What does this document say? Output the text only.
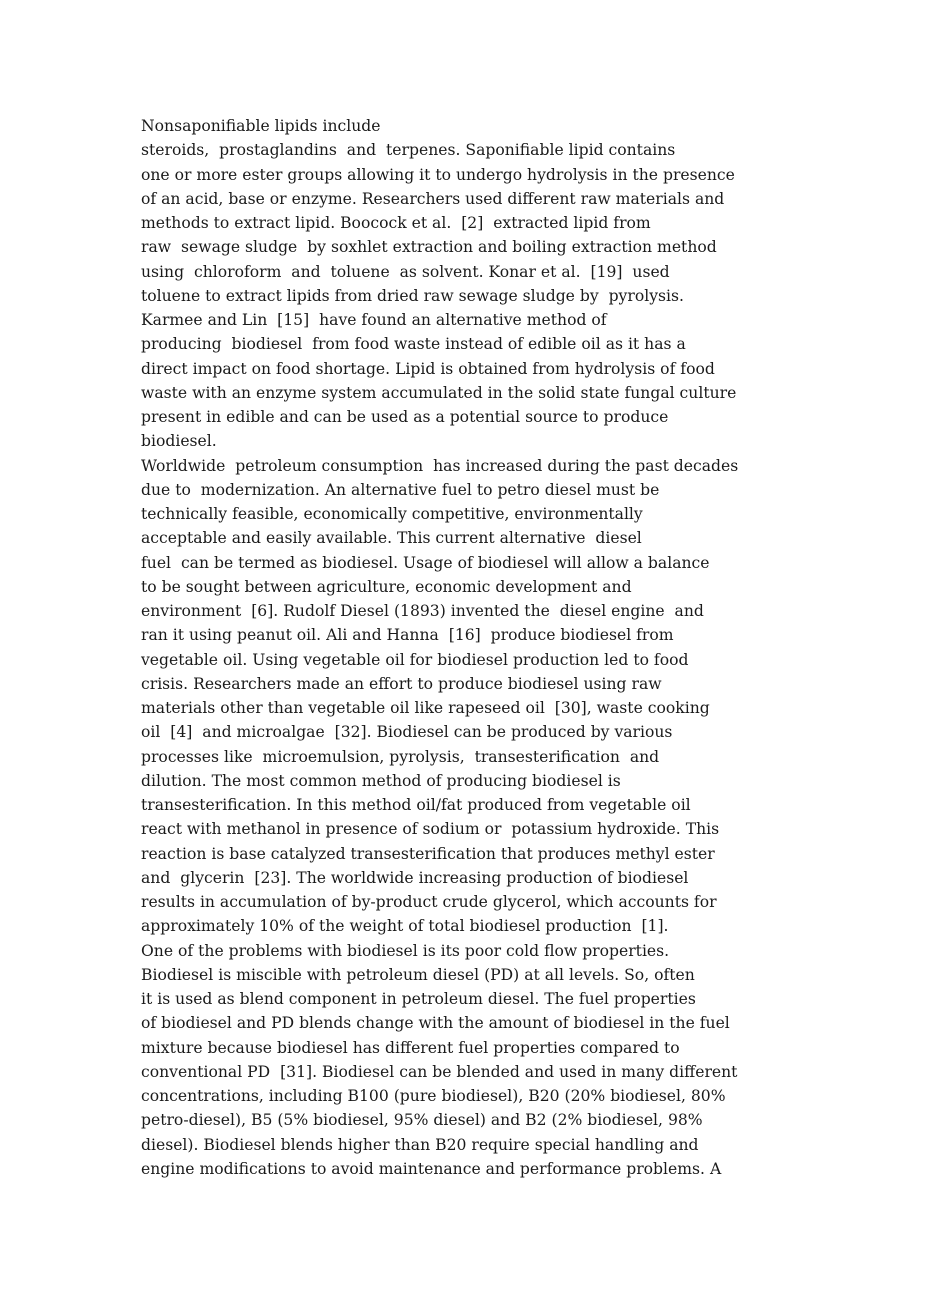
Nonsaponifiable lipids include
steroids,  prostaglandins  and  terpenes. Saponifiable lipid contains
one or more ester groups allowing it to undergo hydrolysis in the presence
of an acid, base or enzyme. Researchers used different raw materials and
methods to extract lipid. Boocock et al.  [2]  extracted lipid from
raw  sewage sludge  by soxhlet extraction and boiling extraction method
using  chloroform  and  toluene  as solvent. Konar et al.  [19]  used
toluene to extract lipids from dried raw sewage sludge by  pyrolysis.
Karmee and Lin  [15]  have found an alternative method of
producing  biodiesel  from food waste instead of edible oil as it has a
direct impact on food shortage. Lipid is obtained from hydrolysis of food
waste with an enzyme system accumulated in the solid state fungal culture
present in edible and can be used as a potential source to produce
biodiesel.
Worldwide  petroleum consumption  has increased during the past decades
due to  modernization. An alternative fuel to petro diesel must be
technically feasible, economically competitive, environmentally
acceptable and easily available. This current alternative  diesel
fuel  can be termed as biodiesel. Usage of biodiesel will allow a balance
to be sought between agriculture, economic development and
environment  [6]. Rudolf Diesel (1893) invented the  diesel engine  and
ran it using peanut oil. Ali and Hanna  [16]  produce biodiesel from
vegetable oil. Using vegetable oil for biodiesel production led to food
crisis. Researchers made an effort to produce biodiesel using raw
materials other than vegetable oil like rapeseed oil  [30], waste cooking
oil  [4]  and microalgae  [32]. Biodiesel can be produced by various
processes like  microemulsion, pyrolysis,  transesterification  and
dilution. The most common method of producing biodiesel is
transesterification. In this method oil/fat produced from vegetable oil
react with methanol in presence of sodium or  potassium hydroxide. This
reaction is base catalyzed transesterification that produces methyl ester
and  glycerin  [23]. The worldwide increasing production of biodiesel
results in accumulation of by-product crude glycerol, which accounts for
approximately 10% of the weight of total biodiesel production  [1].
One of the problems with biodiesel is its poor cold flow properties.
Biodiesel is miscible with petroleum diesel (PD) at all levels. So, often
it is used as blend component in petroleum diesel. The fuel properties
of biodiesel and PD blends change with the amount of biodiesel in the fuel
mixture because biodiesel has different fuel properties compared to
conventional PD  [31]. Biodiesel can be blended and used in many different
concentrations, including B100 (pure biodiesel), B20 (20% biodiesel, 80%
petro-diesel), B5 (5% biodiesel, 95% diesel) and B2 (2% biodiesel, 98%
diesel). Biodiesel blends higher than B20 require special handling and
engine modifications to avoid maintenance and performance problems. A
